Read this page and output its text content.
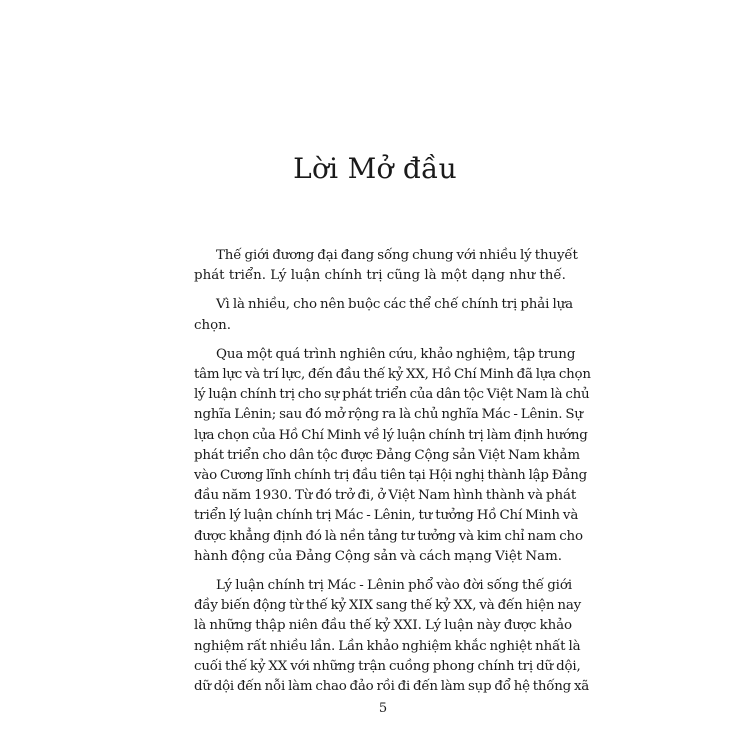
Lời Mở đầu

Thế giới đương đại đang sống chung với nhiều lý thuyết
phát triển. Lý luận chính trị cũng là một dạng như thế.

Vì là nhiều, cho nên buộc các thể chế chính trị phải lựa
chọn.

Qua một quá trình nghiên cứu, khảo nghiệm, tập trung
tâm lực và trí lực, đến đầu thế kỷ XX, Hồ Chí Minh đã lựa chọn
lý luận chính trị cho sự phát triển của dân tộc Việt Nam là chủ
nghĩa Lênin; sau đó mở rộng ra là chủ nghĩa Mác - Lênin. Sự
lựa chọn của Hồ Chí Minh về lý luận chính trị làm định hướng
phát triển cho dân tộc được Đảng Cộng sản Việt Nam khảm
vào Cương lĩnh chính trị đầu tiên tại Hội nghị thành lập Đảng
đầu năm 1930. Từ đó trở đi, ở Việt Nam hình thành và phát
triển lý luận chính trị Mác - Lênin, tư tưởng Hồ Chí Minh và
được khẳng định đó là nền tảng tư tưởng và kim chỉ nam cho
hành động của Đảng Cộng sản và cách mạng Việt Nam.

Lý luận chính trị Mác - Lênin phổ vào đời sống thế giới
đầy biến động từ thế kỷ XIX sang thế kỷ XX, và đến hiện nay
là những thập niên đầu thế kỷ XXI. Lý luận này được khảo
nghiệm rất nhiều lần. Lần khảo nghiệm khắc nghiệt nhất là
cuối thế kỷ XX với những trận cuồng phong chính trị dữ dội,
dữ dội đến nỗi làm chao đảo rồi đi đến làm sụp đổ hệ thống xã

5
